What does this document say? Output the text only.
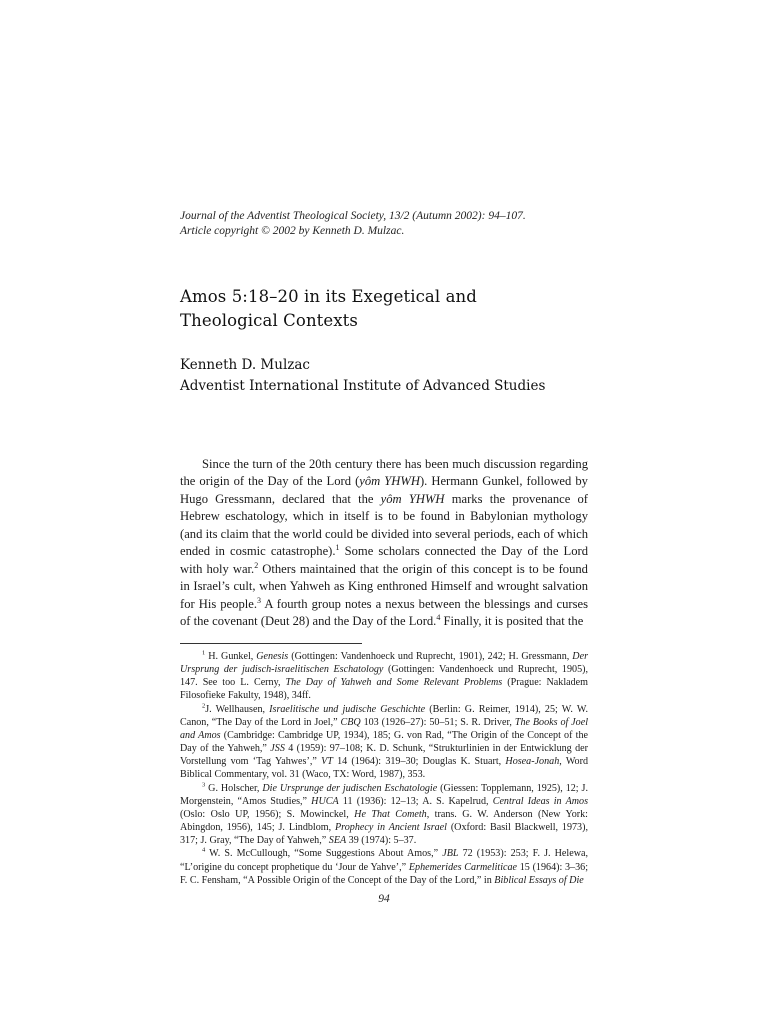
Journal of the Adventist Theological Society, 13/2 (Autumn 2002): 94–107.
Article copyright © 2002 by Kenneth D. Mulzac.
Amos 5:18–20 in its Exegetical and
Theological Contexts
Kenneth D. Mulzac
Adventist International Institute of Advanced Studies

Since the turn of the 20th century there has been much discussion regarding the origin of the Day of the Lord (yôm YHWH). Hermann Gunkel, followed by Hugo Gressmann, declared that the yôm YHWH marks the provenance of Hebrew eschatology, which in itself is to be found in Babylonian mythology (and its claim that the world could be divided into several periods, each of which ended in cosmic catastrophe).$^1$ Some scholars connected the Day of the Lord with holy war.$^2$ Others maintained that the origin of this concept is to be found in Israel’s cult, when Yahweh as King enthroned Himself and wrought salvation for His people.$^3$ A fourth group notes a nexus between the blessings and curses of the covenant (Deut 28) and the Day of the Lord.$^4$ Finally, it is posited that the

$^1$ H. Gunkel, Genesis (Gottingen: Vandenhoeck und Ruprecht, 1901), 242; H. Gressmann, Der Ursprung der judisch-israelitischen Eschatology (Gottingen: Vandenhoeck und Ruprecht, 1905), 147. See too L. Cerny, The Day of Yahweh and Some Relevant Problems (Prague: Nakladem Filosofieke Fakulty, 1948), 34ff.

$^2$J. Wellhausen, Israelitische und judische Geschichte (Berlin: G. Reimer, 1914), 25; W. W. Canon, “The Day of the Lord in Joel,” CBQ 103 (1926–27): 50–51; S. R. Driver, The Books of Joel and Amos (Cambridge: Cambridge UP, 1934), 185; G. von Rad, “The Origin of the Concept of the Day of the Yahweh,” JSS 4 (1959): 97–108; K. D. Schunk, “Strukturlinien in der Entwicklung der Vorstellung vom ‘Tag Yahwes’,” VT 14 (1964): 319–30; Douglas K. Stuart, Hosea-Jonah, Word Biblical Commentary, vol. 31 (Waco, TX: Word, 1987), 353.

$^3$ G. Holscher, Die Ursprunge der judischen Eschatologie (Giessen: Topplemann, 1925), 12; J. Morgenstein, “Amos Studies,” HUCA 11 (1936): 12–13; A. S. Kapelrud, Central Ideas in Amos (Oslo: Oslo UP, 1956); S. Mowinckel, He That Cometh, trans. G. W. Anderson (New York: Abingdon, 1956), 145; J. Lindblom, Prophecy in Ancient Israel (Oxford: Basil Blackwell, 1973), 317; J. Gray, “The Day of Yahweh,” SEA 39 (1974): 5–37.

$^4$ W. S. McCullough, “Some Suggestions About Amos,” JBL 72 (1953): 253; F. J. Helewa, “L’origine du concept prophetique du ‘Jour de Yahve’,” Ephemerides Carmeliticae 15 (1964): 3–36; F. C. Fensham, “A Possible Origin of the Concept of the Day of the Lord,” in Biblical Essays of Die

94
